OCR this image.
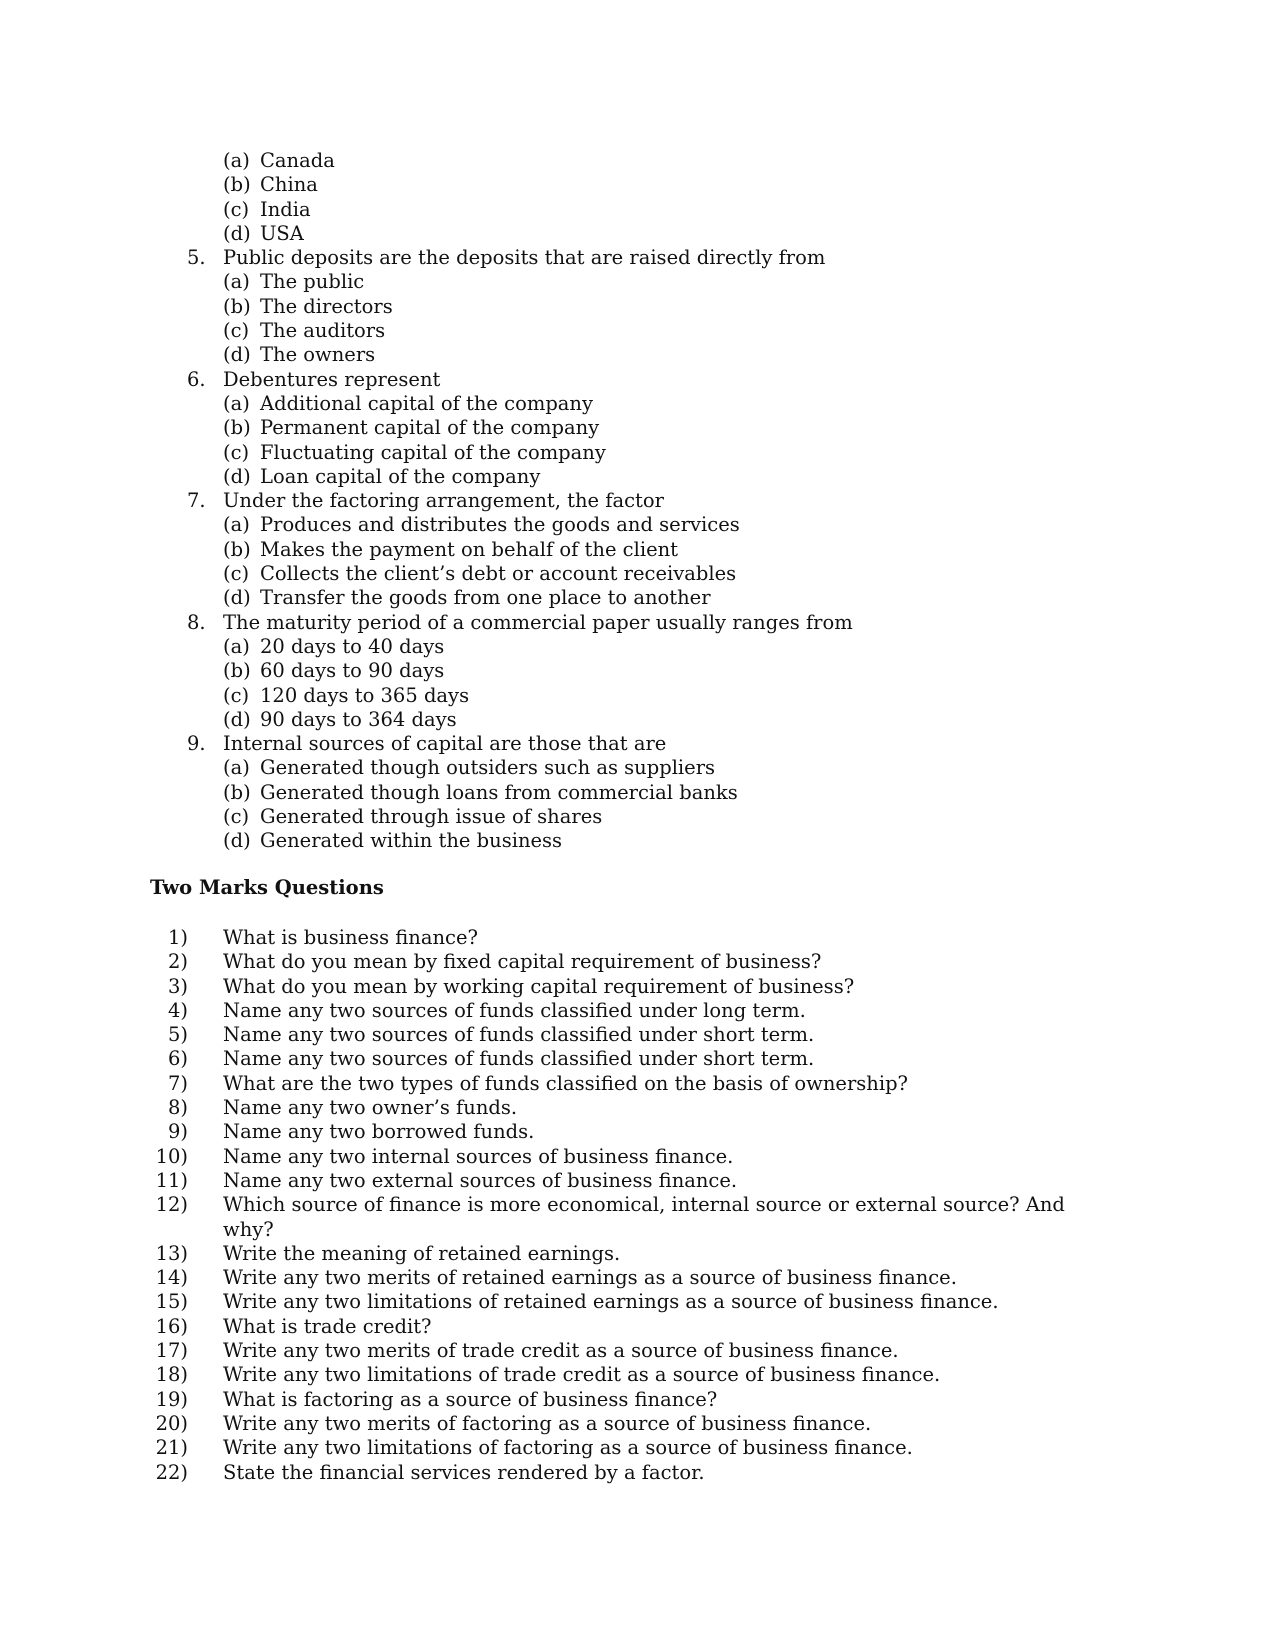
(a) Canada
(b) China
(c) India
(d) USA
5. Public deposits are the deposits that are raised directly from
(a) The public
(b) The directors
(c) The auditors
(d) The owners
6. Debentures represent
(a) Additional capital of the company
(b) Permanent capital of the company
(c) Fluctuating capital of the company
(d) Loan capital of the company
7. Under the factoring arrangement, the factor
(a) Produces and distributes the goods and services
(b) Makes the payment on behalf of the client
(c) Collects the client’s debt or account receivables
(d) Transfer the goods from one place to another
8. The maturity period of a commercial paper usually ranges from
(a) 20 days to 40 days
(b) 60 days to 90 days
(c) 120 days to 365 days
(d) 90 days to 364 days
9. Internal sources of capital are those that are
(a) Generated though outsiders such as suppliers
(b) Generated though loans from commercial banks
(c) Generated through issue of shares
(d) Generated within the business
Two Marks Questions
1) What is business finance?
2) What do you mean by fixed capital requirement of business?
3) What do you mean by working capital requirement of business?
4) Name any two sources of funds classified under long term.
5) Name any two sources of funds classified under short term.
6) Name any two sources of funds classified under short term.
7) What are the two types of funds classified on the basis of ownership?
8) Name any two owner’s funds.
9) Name any two borrowed funds.
10) Name any two internal sources of business finance.
11) Name any two external sources of business finance.
12) Which source of finance is more economical, internal source or external source? And
why?
13) Write the meaning of retained earnings.
14) Write any two merits of retained earnings as a source of business finance.
15) Write any two limitations of retained earnings as a source of business finance.
16) What is trade credit?
17) Write any two merits of trade credit as a source of business finance.
18) Write any two limitations of trade credit as a source of business finance.
19) What is factoring as a source of business finance?
20) Write any two merits of factoring as a source of business finance.
21) Write any two limitations of factoring as a source of business finance.
22) State the financial services rendered by a factor.
